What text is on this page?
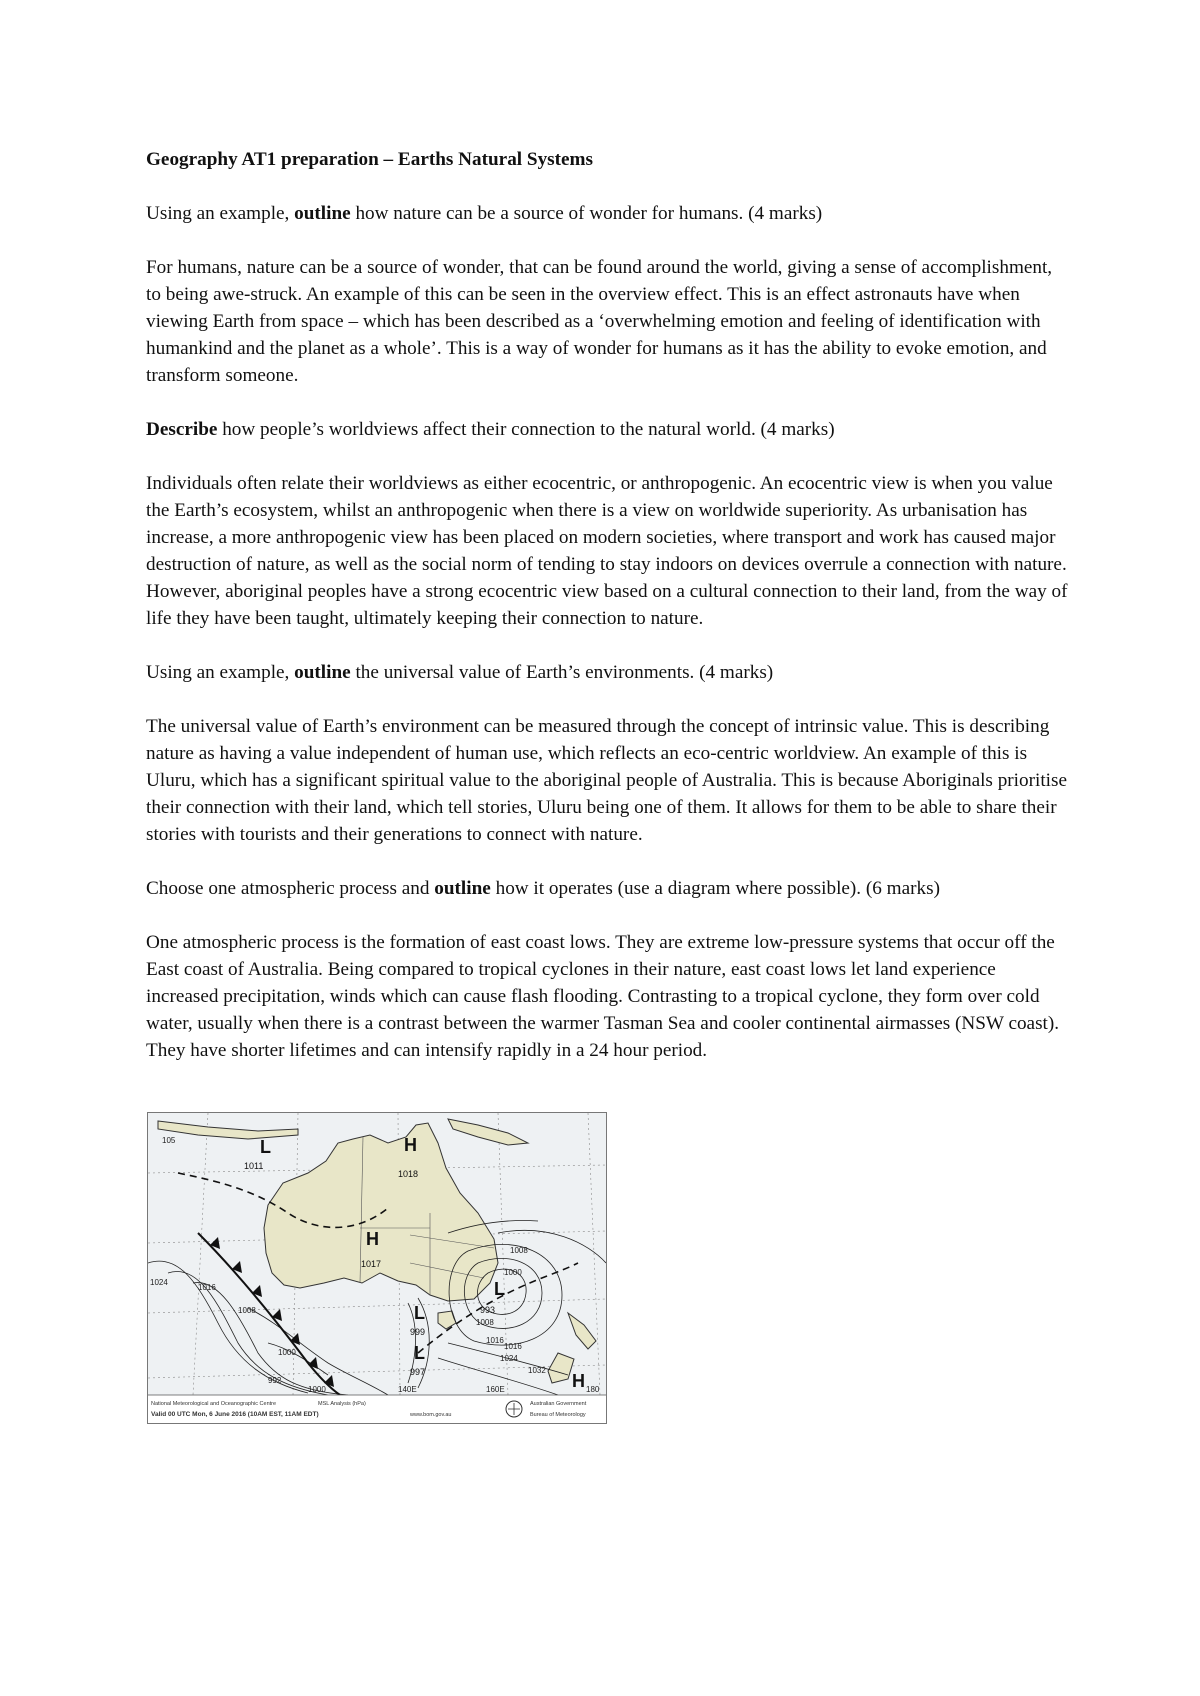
Geography AT1 preparation – Earths Natural Systems

Using an example, outline how nature can be a source of wonder for humans. (4 marks)

For humans, nature can be a source of wonder, that can be found around the world, giving a sense of accomplishment, to being awe-struck. An example of this can be seen in the overview effect. This is an effect astronauts have when viewing Earth from space – which has been described as a ‘overwhelming emotion and feeling of identification with humankind and the planet as a whole’. This is a way of wonder for humans as it has the ability to evoke emotion, and transform someone.

Describe how people’s worldviews affect their connection to the natural world. (4 marks)

Individuals often relate their worldviews as either ecocentric, or anthropogenic. An ecocentric view is when you value the Earth’s ecosystem, whilst an anthropogenic when there is a view on worldwide superiority. As urbanisation has increase, a more anthropogenic view has been placed on modern societies, where transport and work has caused major destruction of nature, as well as the social norm of tending to stay indoors on devices overrule a connection with nature. However, aboriginal peoples have a strong ecocentric view based on a cultural connection to their land, from the way of life they have been taught, ultimately keeping their connection to nature.

Using an example, outline the universal value of Earth’s environments. (4 marks)

The universal value of Earth’s environment can be measured through the concept of intrinsic value. This is describing nature as having a value independent of human use, which reflects an eco-centric worldview. An example of this is Uluru, which has a significant spiritual value to the aboriginal people of Australia. This is because Aboriginals prioritise their connection with their land, which tell stories, Uluru being one of them. It allows for them to be able to share their stories with tourists and their generations to connect with nature.

Choose one atmospheric process and outline how it operates (use a diagram where possible). (6 marks)

One atmospheric process is the formation of east coast lows. They are extreme low-pressure systems that occur off the East coast of Australia. Being compared to tropical cyclones in their nature, east coast lows let land experience increased precipitation, winds which can cause flash flooding. Contrasting to a tropical cyclone, they form over cold water, usually when there is a contrast between the warmer Tasman Sea and cooler continental airmasses (NSW coast). They have shorter lifetimes and can intensify rapidly in a 24 hour period.

L
1011
H
1018
H
1017
L
993
L
999
L
997	H
1008
1000
1016
1024
1016
1008
1000
1008
1016
1024
1032
992
1000
105
140E	160E	180
National Meteorological and Oceanographic Centre
Valid 00 UTC Mon, 6 June 2016 (10AM EST, 11AM EDT)
MSL Analysis (hPa)
www.bom.gov.au
Australian Government
Bureau of Meteorology
